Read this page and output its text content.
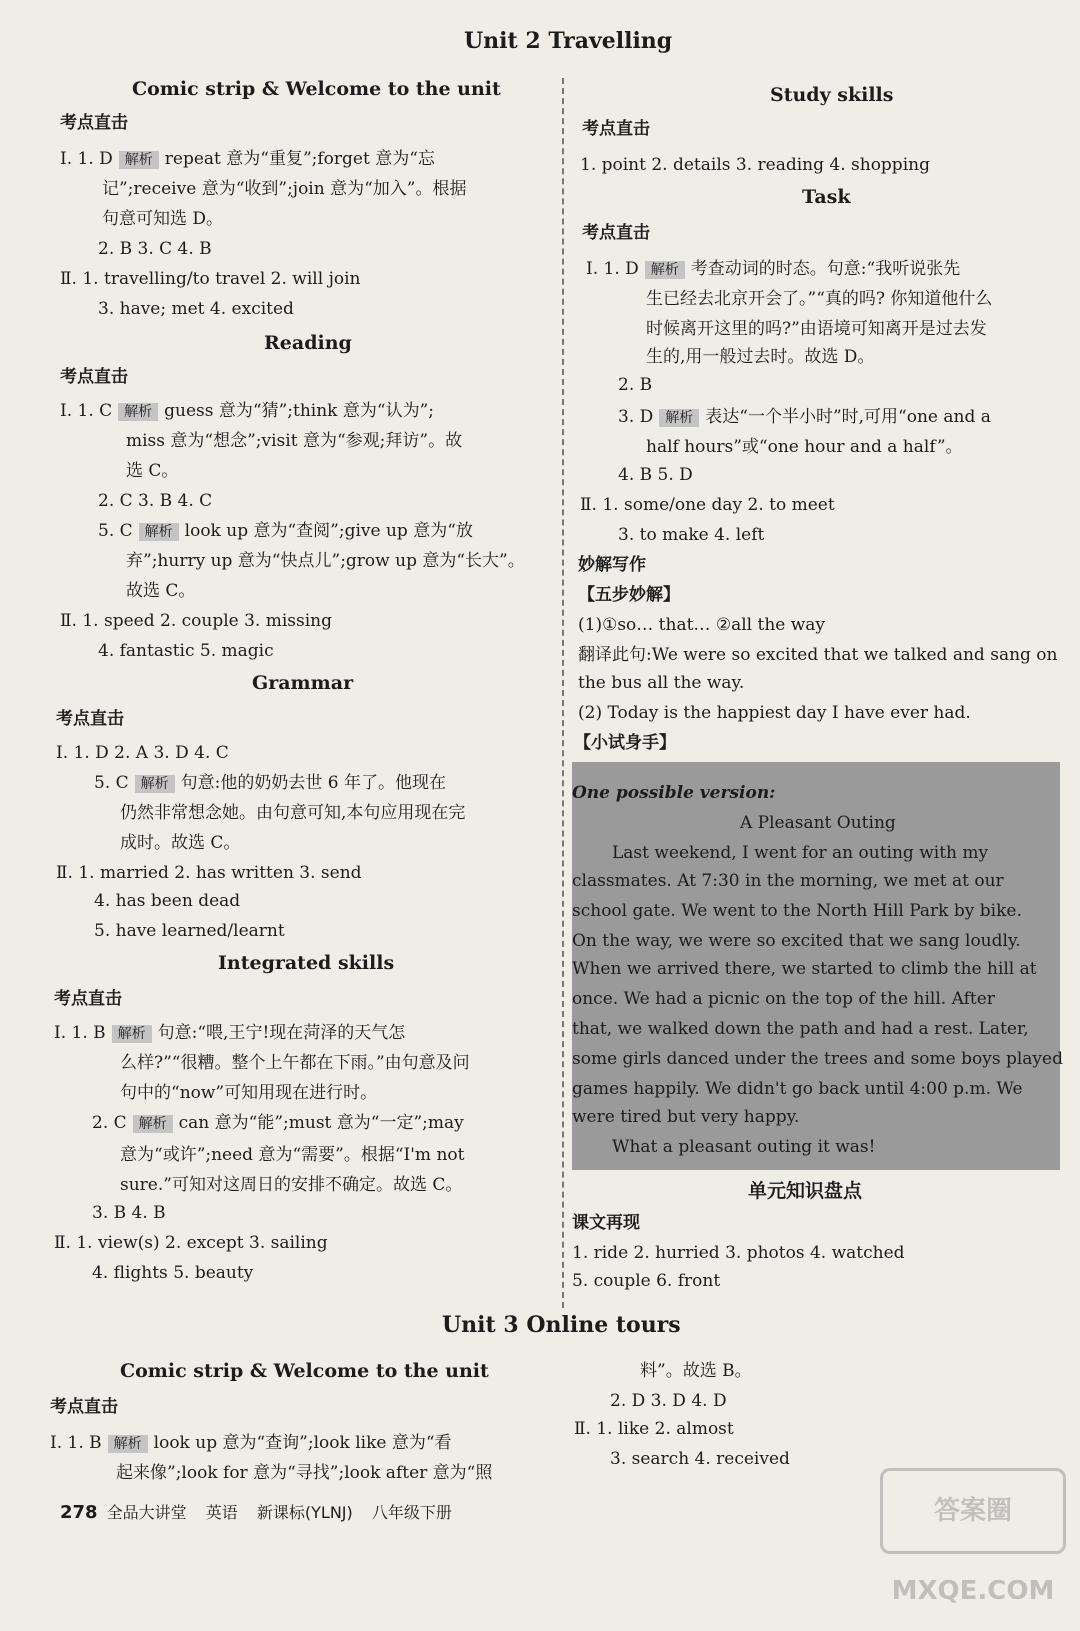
Unit 2 Travelling
Comic strip & Welcome to the unit
考点直击
Ⅰ. 1. D 解析 repeat 意为“重复”;forget 意为“忘
记”;receive 意为“收到”;join 意为“加入”。根据
句意可知选 D。
2. B 3. C 4. B
Ⅱ. 1. travelling/to travel 2. will join
3. have; met 4. excited
Reading
考点直击
Ⅰ. 1. C 解析 guess 意为“猜”;think 意为“认为”;
miss 意为“想念”;visit 意为“参观;拜访”。故
选 C。
2. C 3. B 4. C
5. C 解析 look up 意为“查阅”;give up 意为“放
弃”;hurry up 意为“快点儿”;grow up 意为“长大”。
故选 C。
Ⅱ. 1. speed 2. couple 3. missing
4. fantastic 5. magic
Grammar
考点直击
Ⅰ. 1. D 2. A 3. D 4. C
5. C 解析 句意:他的奶奶去世 6 年了。他现在
仍然非常想念她。由句意可知,本句应用现在完
成时。故选 C。
Ⅱ. 1. married 2. has written 3. send
4. has been dead
5. have learned/learnt
Integrated skills
考点直击
Ⅰ. 1. B 解析 句意:“喂,王宁!现在菏泽的天气怎
么样?”“很糟。整个上午都在下雨。”由句意及问
句中的“now”可知用现在进行时。
2. C 解析 can 意为“能”;must 意为“一定”;may
意为“或许”;need 意为“需要”。根据“I'm not
sure.”可知对这周日的安排不确定。故选 C。
3. B 4. B
Ⅱ. 1. view(s) 2. except 3. sailing
4. flights 5. beauty
Comic strip & Welcome to the unit
考点直击
Ⅰ. 1. B 解析 look up 意为“查询”;look like 意为“看
起来像”;look for 意为“寻找”;look after 意为“照
Study skills
考点直击
1. point 2. details 3. reading 4. shopping
Task
考点直击
Ⅰ. 1. D 解析 考查动词的时态。句意:“我听说张先
生已经去北京开会了。”“真的吗? 你知道他什么
时候离开这里的吗?”由语境可知离开是过去发
生的,用一般过去时。故选 D。
2. B
3. D 解析 表达“一个半小时”时,可用“one and a
half hours”或“one hour and a half”。
4. B 5. D
Ⅱ. 1. some/one day 2. to meet
3. to make 4. left
妙解写作
【五步妙解】
(1)①so… that… ②all the way
翻译此句:We were so excited that we talked and sang on
the bus all the way.
(2) Today is the happiest day I have ever had.
【小试身手】
单元知识盘点
课文再现
1. ride 2. hurried 3. photos 4. watched
5. couple 6. front
料”。故选 B。
2. D 3. D 4. D
Ⅱ. 1. like 2. almost
3. search 4. received
One possible version:
A Pleasant Outing
Last weekend, I went for an outing with my
classmates. At 7:30 in the morning, we met at our
school gate. We went to the North Hill Park by bike.
On the way, we were so excited that we sang loudly.
When we arrived there, we started to climb the hill at
once. We had a picnic on the top of the hill. After
that, we walked down the path and had a rest. Later,
some girls danced under the trees and some boys played
games happily. We didn't go back until 4:00 p.m. We
were tired but very happy.
What a pleasant outing it was!
Unit 3 Online tours
278 全品大讲堂 英语 新课标(YLNJ) 八年级下册	答案圈 MXQE.COM
